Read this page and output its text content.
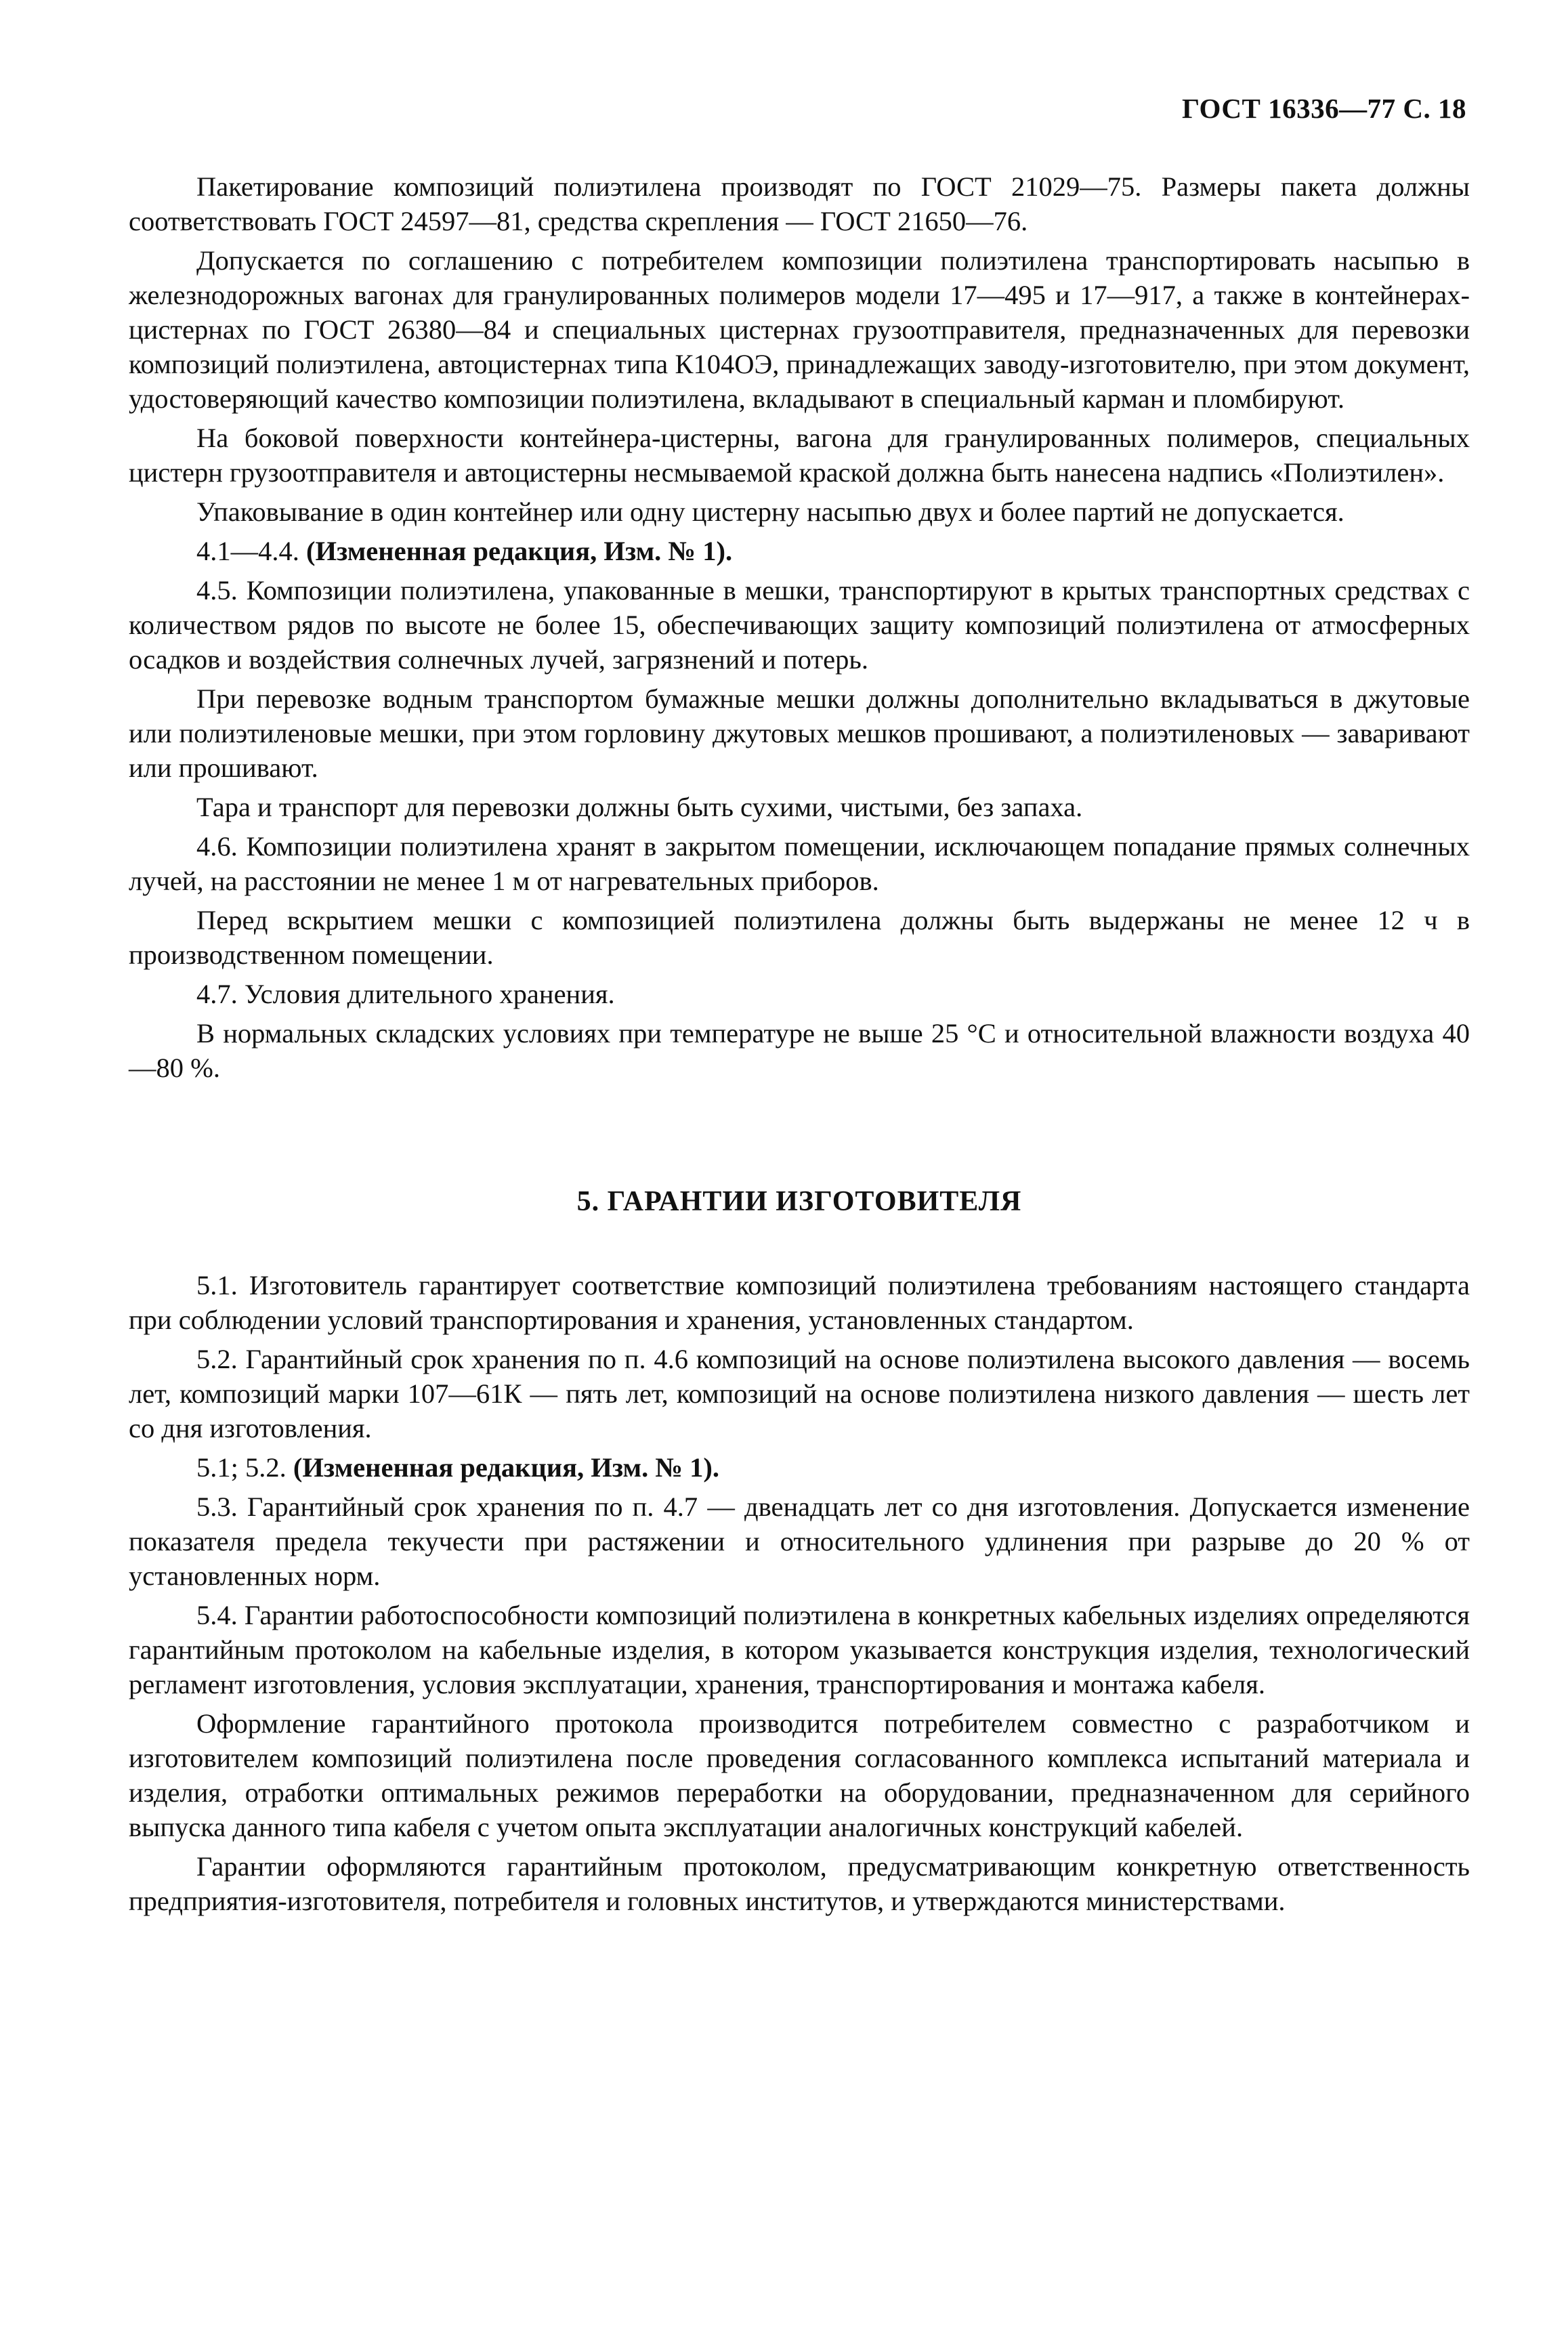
ГОСТ 16336—77 С. 18

Пакетирование композиций полиэтилена производят по ГОСТ 21029—75. Размеры пакета должны соответствовать ГОСТ 24597—81, средства скрепления — ГОСТ 21650—76.

Допускается по соглашению с потребителем композиции полиэтилена транспортировать насыпью в железнодорожных вагонах для гранулированных полимеров модели 17—495 и 17—917, а также в контейнерах-цистернах по ГОСТ 26380—84 и специальных цистернах грузоотправителя, предназначенных для перевозки композиций полиэтилена, автоцистернах типа К104ОЭ, принадлежащих заводу-изготовителю, при этом документ, удостоверяющий качество композиции полиэтилена, вкладывают в специальный карман и пломбируют.

На боковой поверхности контейнера-цистерны, вагона для гранулированных полимеров, специальных цистерн грузоотправителя и автоцистерны несмываемой краской должна быть нанесена надпись «Полиэтилен».

Упаковывание в один контейнер или одну цистерну насыпью двух и более партий не допускается.

4.1—4.4. (Измененная редакция, Изм. № 1).

4.5. Композиции полиэтилена, упакованные в мешки, транспортируют в крытых транспортных средствах с количеством рядов по высоте не более 15, обеспечивающих защиту композиций полиэтилена от атмосферных осадков и воздействия солнечных лучей, загрязнений и потерь.

При перевозке водным транспортом бумажные мешки должны дополнительно вкладываться в джутовые или полиэтиленовые мешки, при этом горловину джутовых мешков прошивают, а полиэтиленовых — заваривают или прошивают.

Тара и транспорт для перевозки должны быть сухими, чистыми, без запаха.

4.6. Композиции полиэтилена хранят в закрытом помещении, исключающем попадание прямых солнечных лучей, на расстоянии не менее 1 м от нагревательных приборов.

Перед вскрытием мешки с композицией полиэтилена должны быть выдержаны не менее 12 ч в производственном помещении.

4.7. Условия длительного хранения.

В нормальных складских условиях при температуре не выше 25 °С и относительной влажности воздуха 40—80 %.

5. ГАРАНТИИ ИЗГОТОВИТЕЛЯ

5.1. Изготовитель гарантирует соответствие композиций полиэтилена требованиям настоящего стандарта при соблюдении условий транспортирования и хранения, установленных стандартом.

5.2. Гарантийный срок хранения по п. 4.6 композиций на основе полиэтилена высокого давления — восемь лет, композиций марки 107—61К — пять лет, композиций на основе полиэтилена низкого давления — шесть лет со дня изготовления.

5.1; 5.2. (Измененная редакция, Изм. № 1).

5.3. Гарантийный срок хранения по п. 4.7 — двенадцать лет со дня изготовления. Допускается изменение показателя предела текучести при растяжении и относительного удлинения при разрыве до 20 % от установленных норм.

5.4. Гарантии работоспособности композиций полиэтилена в конкретных кабельных изделиях определяются гарантийным протоколом на кабельные изделия, в котором указывается конструкция изделия, технологический регламент изготовления, условия эксплуатации, хранения, транспортирования и монтажа кабеля.

Оформление гарантийного протокола производится потребителем совместно с разработчиком и изготовителем композиций полиэтилена после проведения согласованного комплекса испытаний материала и изделия, отработки оптимальных режимов переработки на оборудовании, предназначенном для серийного выпуска данного типа кабеля с учетом опыта эксплуатации аналогичных конструкций кабелей.

Гарантии оформляются гарантийным протоколом, предусматривающим конкретную ответственность предприятия-изготовителя, потребителя и головных институтов, и утверждаются министерствами.
